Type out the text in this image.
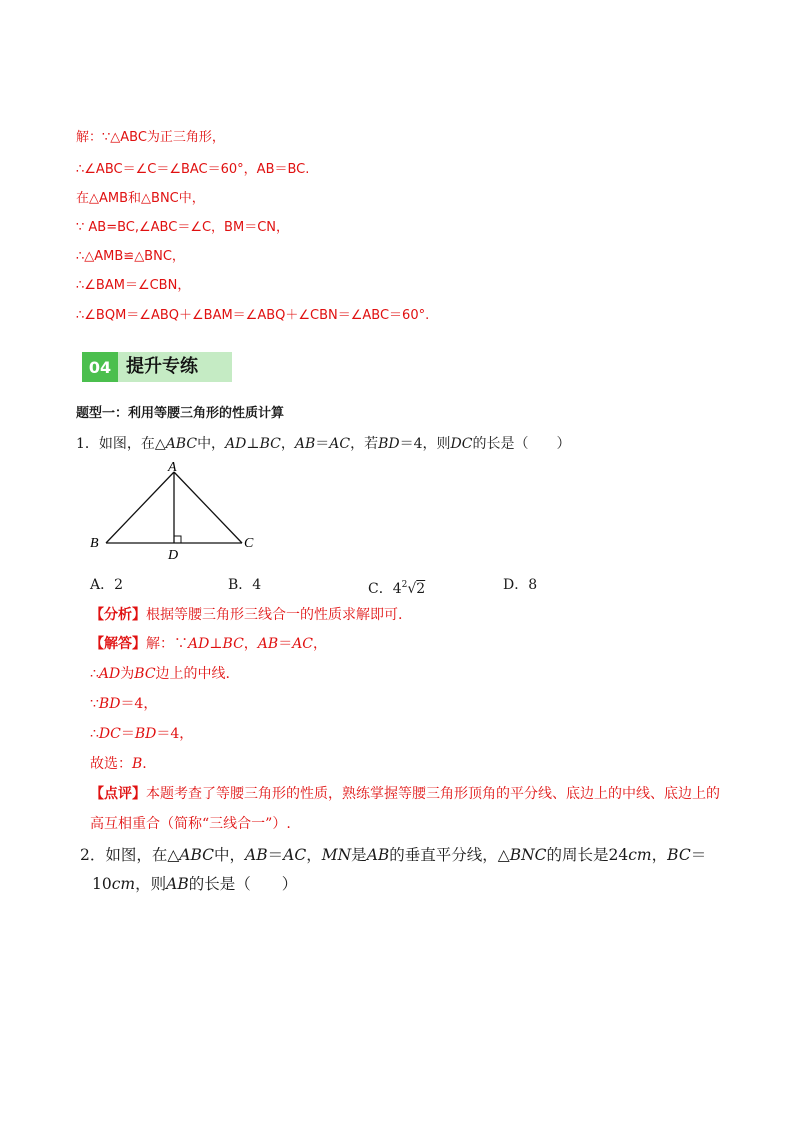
解：∵△ABC为正三角形，
∴∠ABC＝∠C＝∠BAC＝60°，AB＝BC.
在△AMB和△BNC中，
∵ AB=BC,∠ABC＝∠C，BM＝CN，
∴△AMB≌△BNC，
∴∠BAM＝∠CBN，
∴∠BQM＝∠ABQ＋∠BAM＝∠ABQ＋∠CBN＝∠ABC＝60°.
04 提升专练
题型一：利用等腰三角形的性质计算
1．如图，在△ABC中，AD⊥BC，AB＝AC，若BD＝4，则DC的长是（　　）
A
B	C
D
A．2	B．4	C．$4^2√2$	D．8
【分析】根据等腰三角形三线合一的性质求解即可.
【解答】解：∵AD⊥BC，AB＝AC，
∴AD为BC边上的中线.
∵BD＝4，
∴DC＝BD＝4，
故选：B.
【点评】本题考查了等腰三角形的性质，熟练掌握等腰三角形顶角的平分线、底边上的中线、底边上的
高互相重合（简称“三线合一”）.
2．如图，在△ABC中，AB＝AC，MN是AB的垂直平分线，△BNC的周长是24cm，BC＝
10cm，则AB的长是（　　）
